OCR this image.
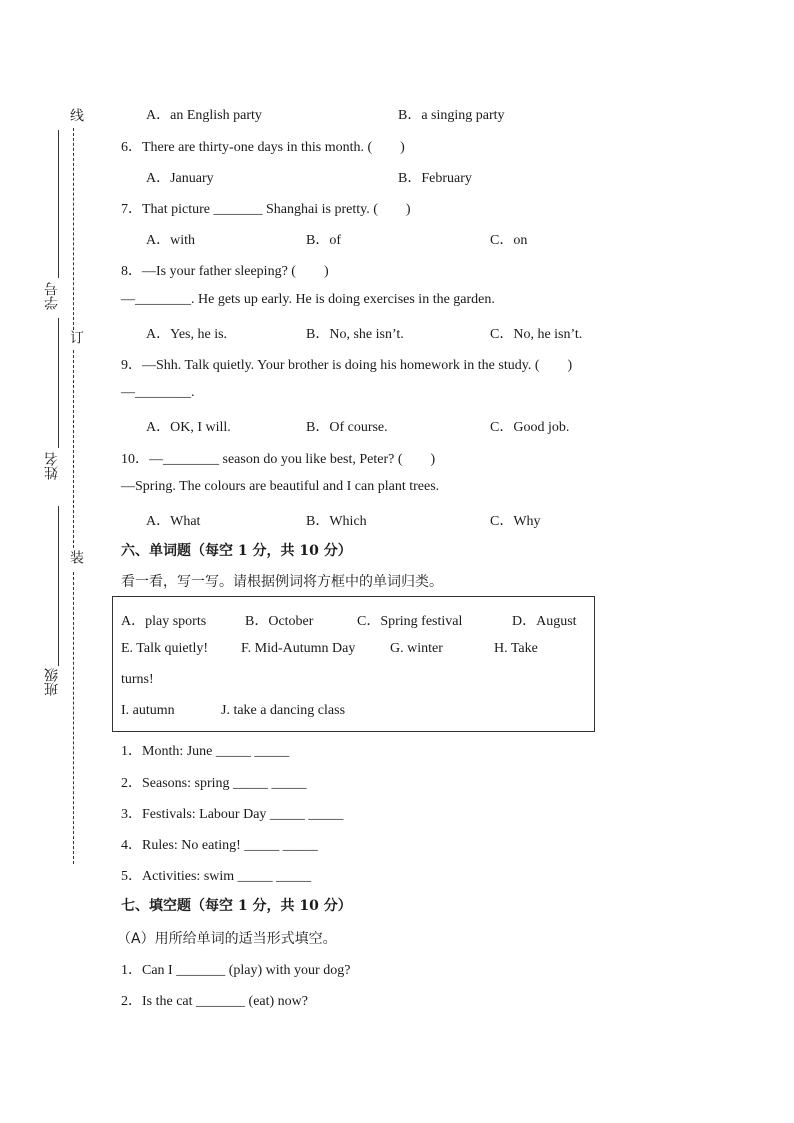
学号
姓名
班级
线
订
装
A．an English party	B．a singing party
6．There are thirty-one days in this month. (　　)
A．January	B．February
7．That picture _______ Shanghai is pretty. (　　)
A．with	B．of	C．on
8．—Is your father sleeping? (　　)
—________. He gets up early. He is doing exercises in the garden.
A．Yes, he is.	B．No, she isn’t.	C．No, he isn’t.
9．—Shh. Talk quietly. Your brother is doing his homework in the study. (　　)
—________.
A．OK, I will.	B．Of course.	C．Good job.
10．—________ season do you like best, Peter? (　　)
—Spring. The colours are beautiful and I can plant trees.
A．What	B．Which	C．Why
六、单词题（每空 1 分，共 10 分）
看一看，写一写。请根据例词将方框中的单词归类。
A．play sports	B．October	C．Spring festival	D．August
E. Talk quietly! F. Mid-Autumn Day G. winter	H. Take
turns!
I. autumn	J. take a dancing class
1．Month: June _____ _____
2．Seasons: spring _____ _____
3．Festivals: Labour Day _____ _____
4．Rules: No eating! _____ _____
5．Activities: swim _____ _____
七、填空题（每空 1 分，共 10 分）
（A）用所给单词的适当形式填空。
1．Can I _______ (play) with your dog?
2．Is the cat _______ (eat) now?
